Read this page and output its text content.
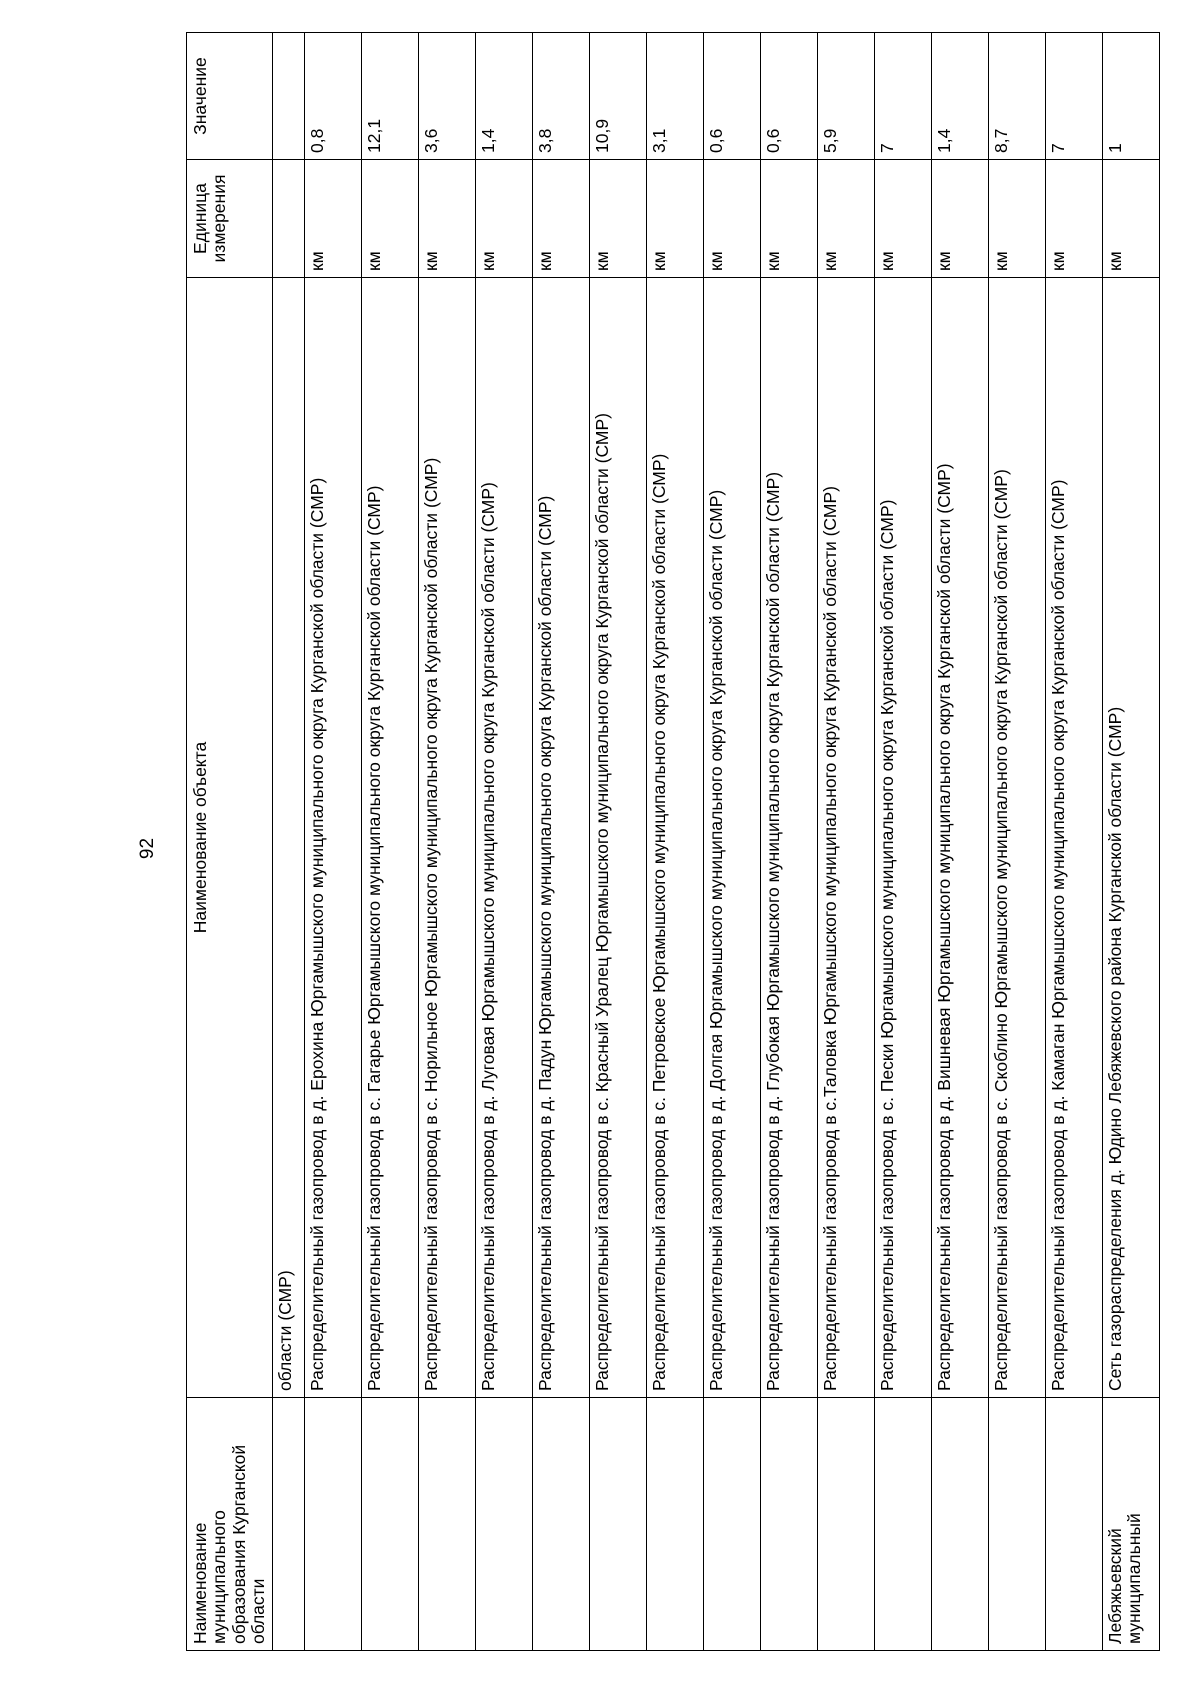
92
Наименование муниципального образования Курганской области	Наименование объекта	Единица измерения	Значение
	области (СМР)		
	Распределительный газопровод в д. Ерохина Юргамышского муниципального округа Курганской области (СМР)	км	0,8
	Распределительный газопровод в с. Гагарье Юргамышского муниципального округа Курганской области (СМР)	км	12,1
	Распределительный газопровод в с. Норильное Юргамышского муниципального округа Курганской области (СМР)	км	3,6
	Распределительный газопровод в д. Луговая Юргамышского муниципального округа Курганской области (СМР)	км	1,4
	Распределительный газопровод в д. Падун Юргамышского муниципального округа Курганской области (СМР)	км	3,8
	Распределительный газопровод в с. Красный Уралец Юргамышского муниципального округа Курганской области (СМР)	км	10,9
	Распределительный газопровод в с. Петровское Юргамышского муниципального округа Курганской области (СМР)	км	3,1
	Распределительный газопровод в д. Долгая Юргамышского муниципального округа Курганской области (СМР)	км	0,6
	Распределительный газопровод в д. Глубокая Юргамышского муниципального округа Курганской области (СМР)	км	0,6
	Распределительный газопровод в с.Таловка Юргамышского муниципального округа Курганской области (СМР)	км	5,9
	Распределительный газопровод в с. Пески Юргамышского муниципального округа Курганской области (СМР)	км	7
	Распределительный газопровод в д. Вишневая Юргамышского муниципального округа Курганской области (СМР)	км	1,4
	Распределительный газопровод в с. Скоблино Юргамышского муниципального округа Курганской области (СМР)	км	8,7
	Распределительный газопровод в д. Камаган Юргамышского муниципального округа Курганской области (СМР)	км	7
Лебяжьевский муниципальный	Сеть газораспределения д. Юдино Лебяжевского района Курганской области (СМР)	км	1
